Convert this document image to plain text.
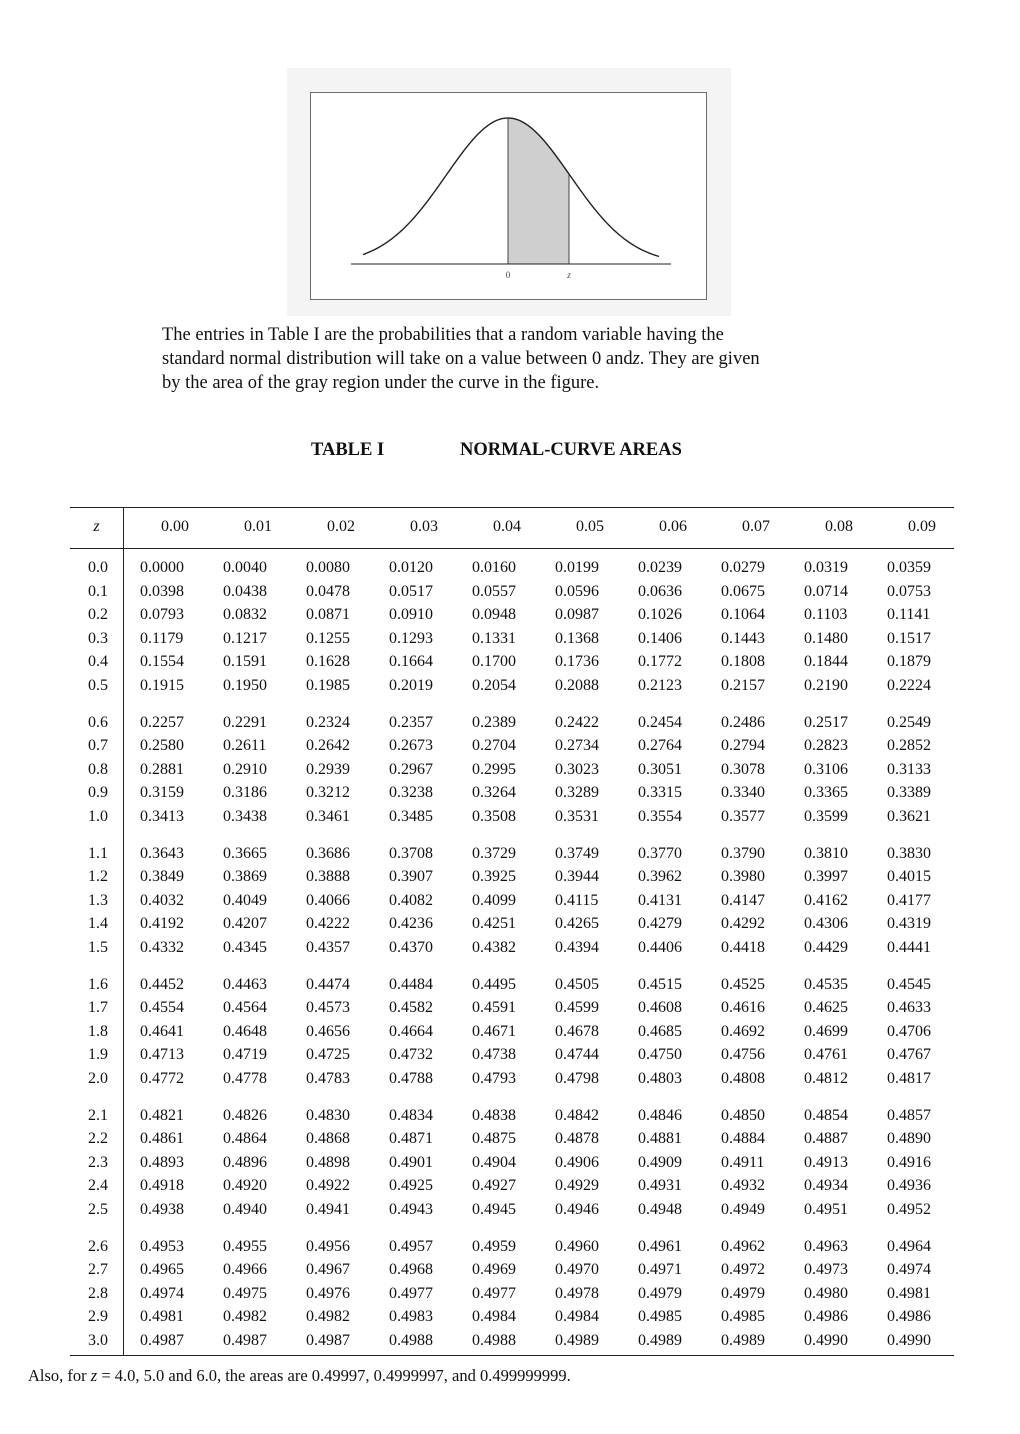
0	z

The entries in Table I are the probabilities that a random variable having the
standard normal distribution will take on a value between 0 andz. They are given
by the area of the gray region under the curve in the figure.

TABLE I	NORMAL-CURVE AREAS
z	0.00	0.01	0.02	0.03	0.04	0.05	0.06	0.07	0.08	0.09
0.0 0.0000 0.0040 0.0080 0.0120 0.0160 0.0199 0.0239 0.0279 0.0319 0.0359
0.1 0.0398 0.0438 0.0478 0.0517 0.0557 0.0596 0.0636 0.0675 0.0714 0.0753
0.2 0.0793 0.0832 0.0871 0.0910 0.0948 0.0987 0.1026 0.1064 0.1103 0.1141
0.3 0.1179 0.1217 0.1255 0.1293 0.1331 0.1368 0.1406 0.1443 0.1480 0.1517
0.4 0.1554 0.1591 0.1628 0.1664 0.1700 0.1736 0.1772 0.1808 0.1844 0.1879
0.5 0.1915 0.1950 0.1985 0.2019 0.2054 0.2088 0.2123 0.2157 0.2190 0.2224
0.6 0.2257 0.2291 0.2324 0.2357 0.2389 0.2422 0.2454 0.2486 0.2517 0.2549
0.7 0.2580 0.2611 0.2642 0.2673 0.2704 0.2734 0.2764 0.2794 0.2823 0.2852
0.8 0.2881 0.2910 0.2939 0.2967 0.2995 0.3023 0.3051 0.3078 0.3106 0.3133
0.9 0.3159 0.3186 0.3212 0.3238 0.3264 0.3289 0.3315 0.3340 0.3365 0.3389
1.0 0.3413 0.3438 0.3461 0.3485 0.3508 0.3531 0.3554 0.3577 0.3599 0.3621
1.1 0.3643 0.3665 0.3686 0.3708 0.3729 0.3749 0.3770 0.3790 0.3810 0.3830
1.2 0.3849 0.3869 0.3888 0.3907 0.3925 0.3944 0.3962 0.3980 0.3997 0.4015
1.3 0.4032 0.4049 0.4066 0.4082 0.4099 0.4115 0.4131 0.4147 0.4162 0.4177
1.4 0.4192 0.4207 0.4222 0.4236 0.4251 0.4265 0.4279 0.4292 0.4306 0.4319
1.5 0.4332 0.4345 0.4357 0.4370 0.4382 0.4394 0.4406 0.4418 0.4429 0.4441
1.6 0.4452 0.4463 0.4474 0.4484 0.4495 0.4505 0.4515 0.4525 0.4535 0.4545
1.7 0.4554 0.4564 0.4573 0.4582 0.4591 0.4599 0.4608 0.4616 0.4625 0.4633
1.8 0.4641 0.4648 0.4656 0.4664 0.4671 0.4678 0.4685 0.4692 0.4699 0.4706
1.9 0.4713 0.4719 0.4725 0.4732 0.4738 0.4744 0.4750 0.4756 0.4761 0.4767
2.0 0.4772 0.4778 0.4783 0.4788 0.4793 0.4798 0.4803 0.4808 0.4812 0.4817
2.1 0.4821 0.4826 0.4830 0.4834 0.4838 0.4842 0.4846 0.4850 0.4854 0.4857
2.2 0.4861 0.4864 0.4868 0.4871 0.4875 0.4878 0.4881 0.4884 0.4887 0.4890
2.3 0.4893 0.4896 0.4898 0.4901 0.4904 0.4906 0.4909 0.4911 0.4913 0.4916
2.4 0.4918 0.4920 0.4922 0.4925 0.4927 0.4929 0.4931 0.4932 0.4934 0.4936
2.5 0.4938 0.4940 0.4941 0.4943 0.4945 0.4946 0.4948 0.4949 0.4951 0.4952
2.6 0.4953 0.4955 0.4956 0.4957 0.4959 0.4960 0.4961 0.4962 0.4963 0.4964
2.7 0.4965 0.4966 0.4967 0.4968 0.4969 0.4970 0.4971 0.4972 0.4973 0.4974
2.8 0.4974 0.4975 0.4976 0.4977 0.4977 0.4978 0.4979 0.4979 0.4980 0.4981
2.9 0.4981 0.4982 0.4982 0.4983 0.4984 0.4984 0.4985 0.4985 0.4986 0.4986
3.0 0.4987 0.4987 0.4987 0.4988 0.4988 0.4989 0.4989 0.4989 0.4990 0.4990
Also, for z = 4.0, 5.0 and 6.0, the areas are 0.49997, 0.4999997, and 0.499999999.
